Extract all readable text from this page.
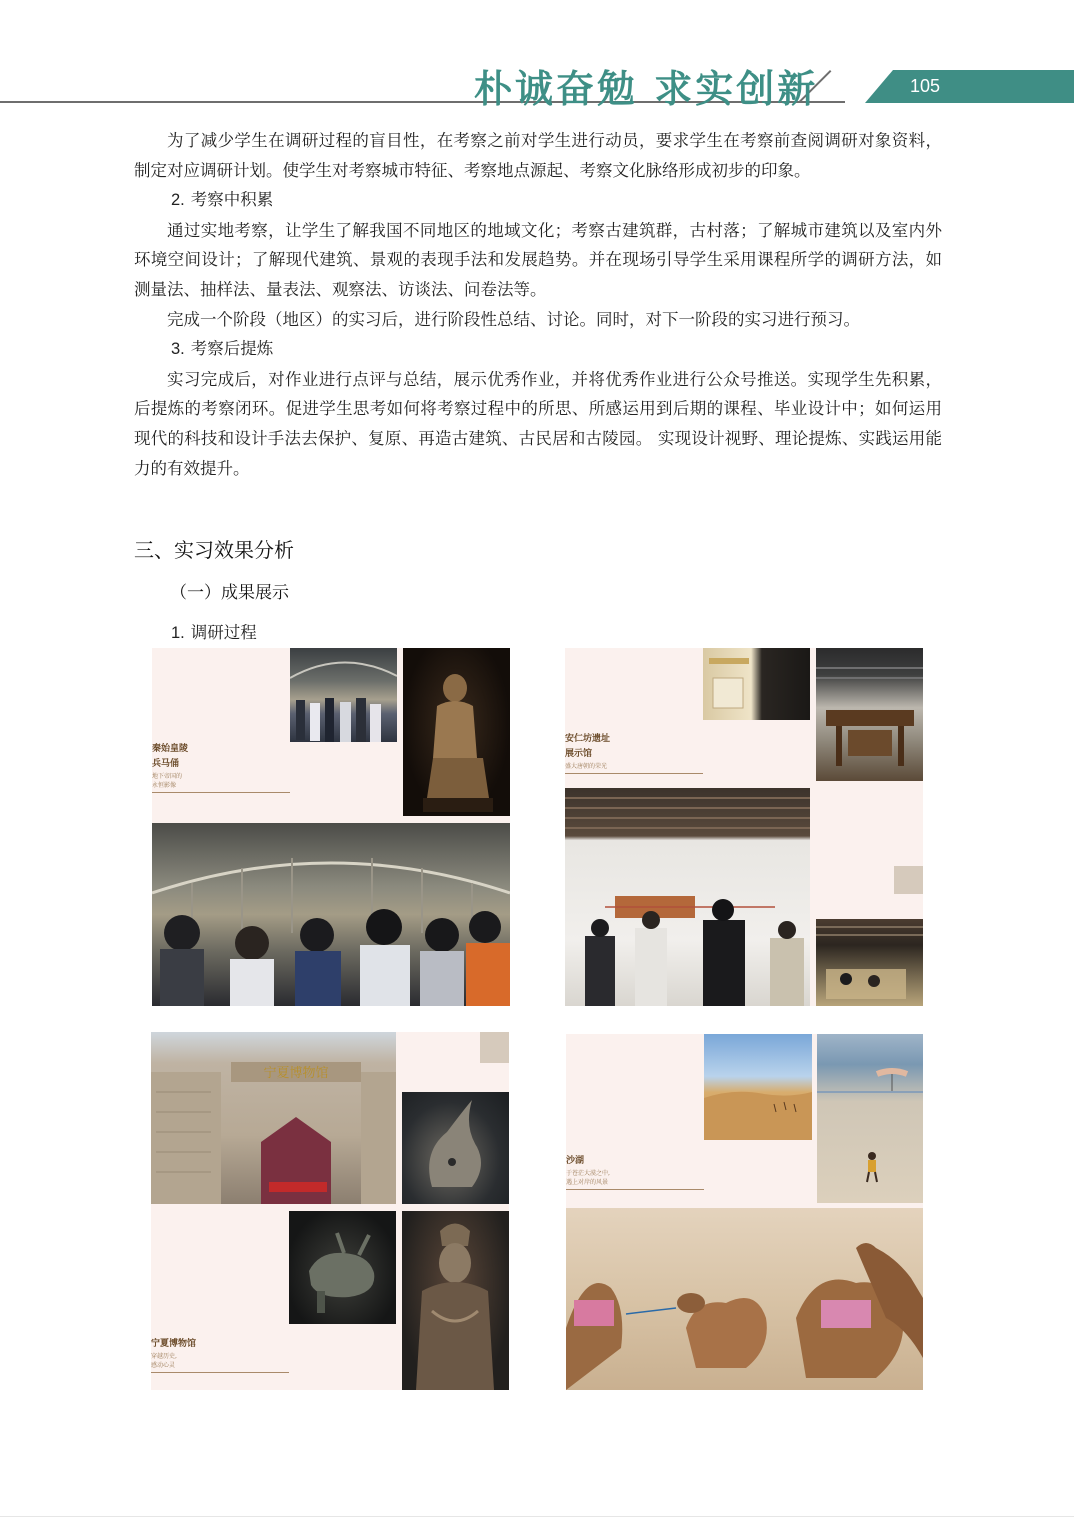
朴诚奋勉 求实创新	105

为了减少学生在调研过程的盲目性，在考察之前对学生进行动员，要求学生在考察前查阅调研对象资料，制定对应调研计划。使学生对考察城市特征、考察地点源起、考察文化脉络形成初步的印象。

2. 考察中积累

通过实地考察，让学生了解我国不同地区的地域文化；考察古建筑群，古村落；了解城市建筑以及室内外环境空间设计；了解现代建筑、景观的表现手法和发展趋势。并在现场引导学生采用课程所学的调研方法，如测量法、抽样法、量表法、观察法、访谈法、问卷法等。

完成一个阶段（地区）的实习后，进行阶段性总结、讨论。同时，对下一阶段的实习进行预习。

3. 考察后提炼

实习完成后，对作业进行点评与总结，展示优秀作业，并将优秀作业进行公众号推送。实现学生先积累，后提炼的考察闭环。促进学生思考如何将考察过程中的所思、所感运用到后期的课程、毕业设计中；如何运用现代的科技和设计手法去保护、复原、再造古建筑、古民居和古陵园。 实现设计视野、理论提炼、实践运用能力的有效提升。

三、实习效果分析
（一）成果展示
1. 调研过程
秦始皇陵
兵马俑
地下帝国的
永恒影像
安仁坊遗址
展示馆
盛大唐朝的荣光
宁夏博物馆
宁夏博物馆
穿越历史,
感动心灵
沙湖
于苍茫大漠之中,
遇上对岸的风景
